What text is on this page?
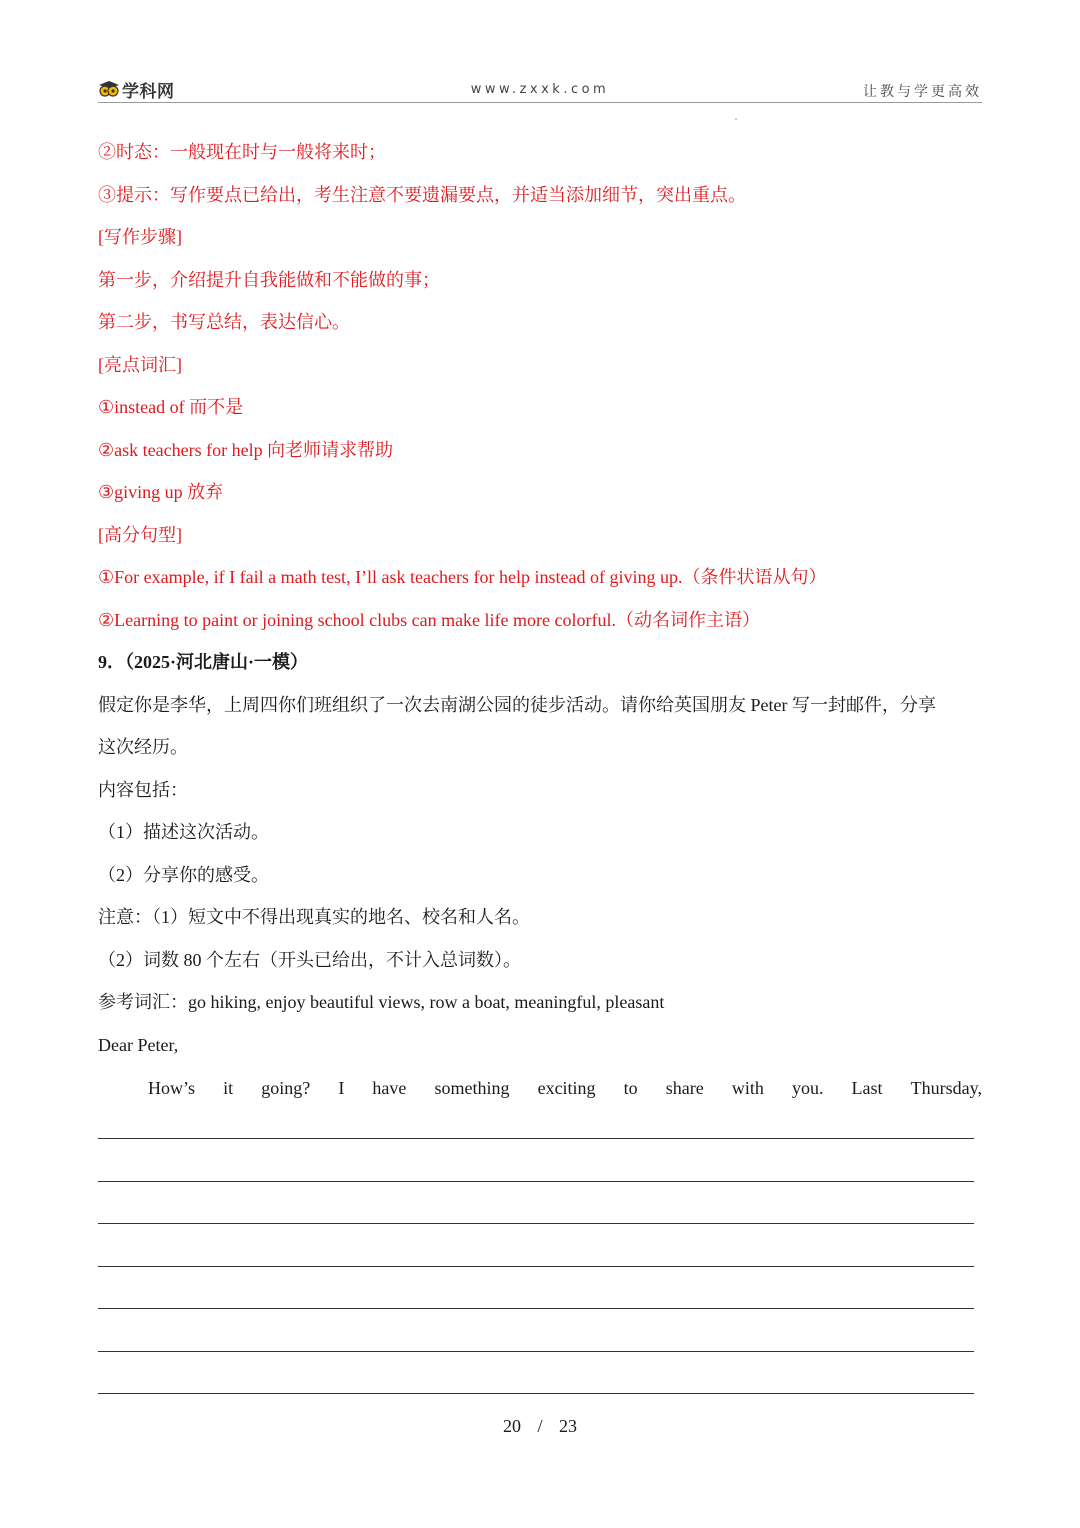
学科网	www.zxxk.com	让教与学更高效
②时态：一般现在时与一般将来时；
③提示：写作要点已给出，考生注意不要遗漏要点，并适当添加细节，突出重点。
[写作步骤]
第一步，介绍提升自我能做和不能做的事；
第二步，书写总结，表达信心。
[亮点词汇]
①instead of 而不是
②ask teachers for help 向老师请求帮助
③giving up 放弃
[高分句型]
①For example, if I fail a math test, I’ll ask teachers for help instead of giving up.（条件状语从句）
②Learning to paint or joining school clubs can make life more colorful.（动名词作主语）
9．（2025·河北唐山·一模）
假定你是李华，上周四你们班组织了一次去南湖公园的徒步活动。请你给英国朋友 Peter 写一封邮件，分享
这次经历。
内容包括：
（1）描述这次活动。
（2）分享你的感受。
注意：（1）短文中不得出现真实的地名、校名和人名。
（2）词数 80 个左右（开头已给出，不计入总词数）。
参考词汇：go hiking, enjoy beautiful views, row a boat, meaningful, pleasant
Dear Peter,
How’s it going? I have something exciting to share with you. Last Thursday,
20 / 23
